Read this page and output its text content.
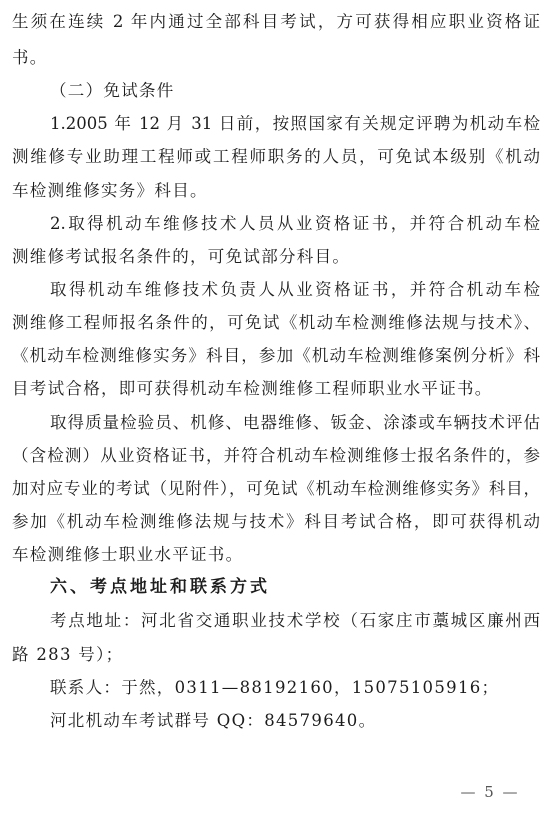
生须在连续 2 年内通过全部科目考试，方可获得相应职业资格证
书。
（二）免试条件
1.2005 年 12 月 31 日前，按照国家有关规定评聘为机动车检
测维修专业助理工程师或工程师职务的人员，可免试本级别《机动
车检测维修实务》科目。
2.取得机动车维修技术人员从业资格证书，并符合机动车检
测维修考试报名条件的，可免试部分科目。
取得机动车维修技术负责人从业资格证书，并符合机动车检
测维修工程师报名条件的，可免试《机动车检测维修法规与技术》、
《机动车检测维修实务》科目，参加《机动车检测维修案例分析》科
目考试合格，即可获得机动车检测维修工程师职业水平证书。
取得质量检验员、机修、电器维修、钣金、涂漆或车辆技术评估
（含检测）从业资格证书，并符合机动车检测维修士报名条件的，参
加对应专业的考试（见附件），可免试《机动车检测维修实务》科目，
参加《机动车检测维修法规与技术》科目考试合格，即可获得机动
车检测维修士职业水平证书。
六、考点地址和联系方式
考点地址：河北省交通职业技术学校（石家庄市藁城区廉州西
路 283 号）；
联系人：于然，0311—88192160，15075105916；
河北机动车考试群号 QQ：84579640。
— 5 —
